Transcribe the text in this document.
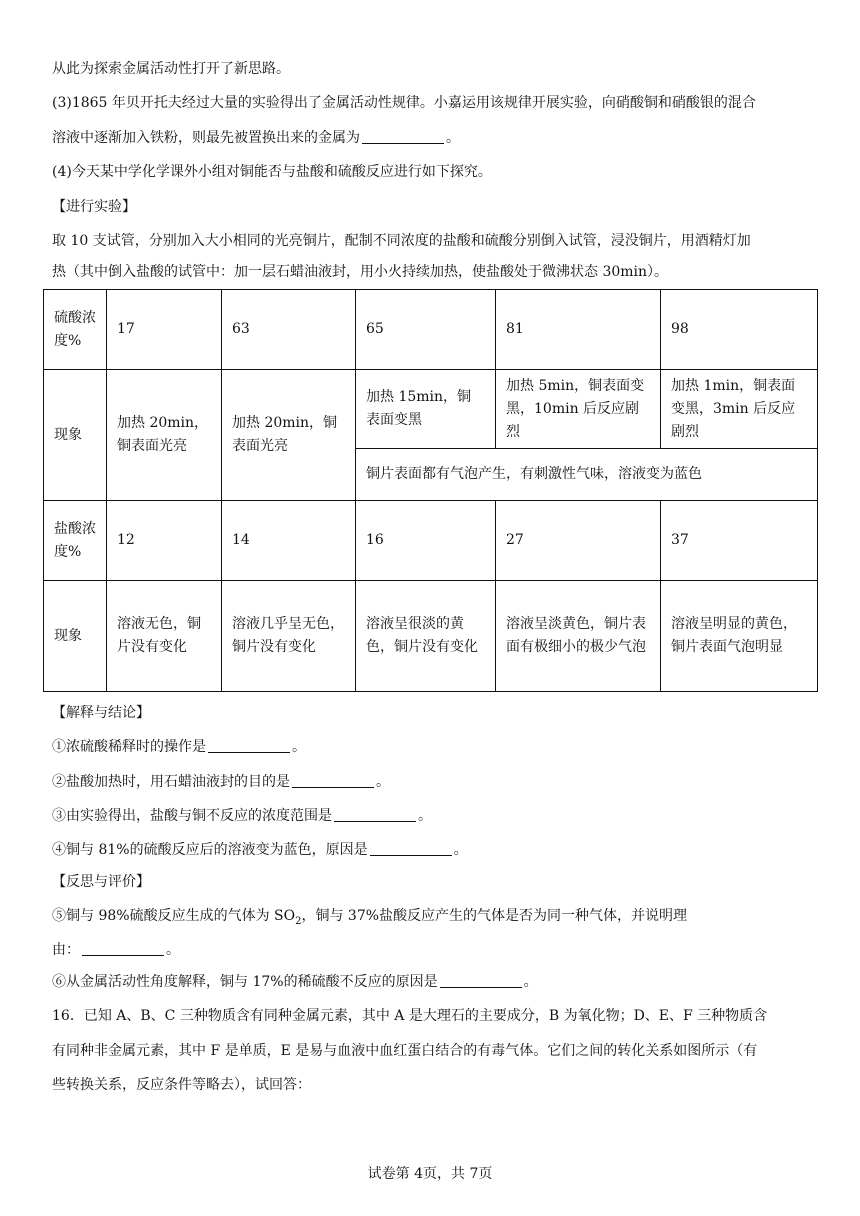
从此为探索金属活动性打开了新思路。
(3)1865 年贝开托夫经过大量的实验得出了金属活动性规律。小嘉运用该规律开展实验，向硝酸铜和硝酸银的混合
溶液中逐渐加入铁粉，则最先被置换出来的金属为	。
(4)今天某中学化学课外小组对铜能否与盐酸和硫酸反应进行如下探究。
【进行实验】
取 10 支试管，分别加入大小相同的光亮铜片，配制不同浓度的盐酸和硫酸分别倒入试管，浸没铜片，用酒精灯加
热（其中倒入盐酸的试管中：加一层石蜡油液封，用小火持续加热，使盐酸处于微沸状态 30min）。
硫酸浓度%	17	63	65	81	98
现象	加热 20min，铜表面光亮	加热 20min，铜表面光亮	加热 15min，铜表面变黑	加热 5min，铜表面变黑，10min 后反应剧烈	加热 1min，铜表面变黑，3min 后反应剧烈
			铜片表面都有气泡产生，有刺激性气味，溶液变为蓝色		
盐酸浓度%	12	14	16	27	37
现象	溶液无色，铜片没有变化	溶液几乎呈无色，铜片没有变化	溶液呈很淡的黄色，铜片没有变化	溶液呈淡黄色，铜片表面有极细小的极少气泡	溶液呈明显的黄色，铜片表面气泡明显
【解释与结论】
①浓硫酸稀释时的操作是	。
②盐酸加热时，用石蜡油液封的目的是	。
③由实验得出，盐酸与铜不反应的浓度范围是	。
④铜与 81%的硫酸反应后的溶液变为蓝色，原因是	。
【反思与评价】
⑤铜与 98%硫酸反应生成的气体为 $SO_2$，铜与 37%盐酸反应产生的气体是否为同一种气体，并说明理
由：	。
⑥从金属活动性角度解释，铜与 17%的稀硫酸不反应的原因是	。
16．已知 A、B、C 三种物质含有同种金属元素，其中 A 是大理石的主要成分，B 为氧化物；D、E、F 三种物质含
有同种非金属元素，其中 F 是单质，E 是易与血液中血红蛋白结合的有毒气体。它们之间的转化关系如图所示（有
些转换关系，反应条件等略去），试回答：
试卷第 4页，共 7页
